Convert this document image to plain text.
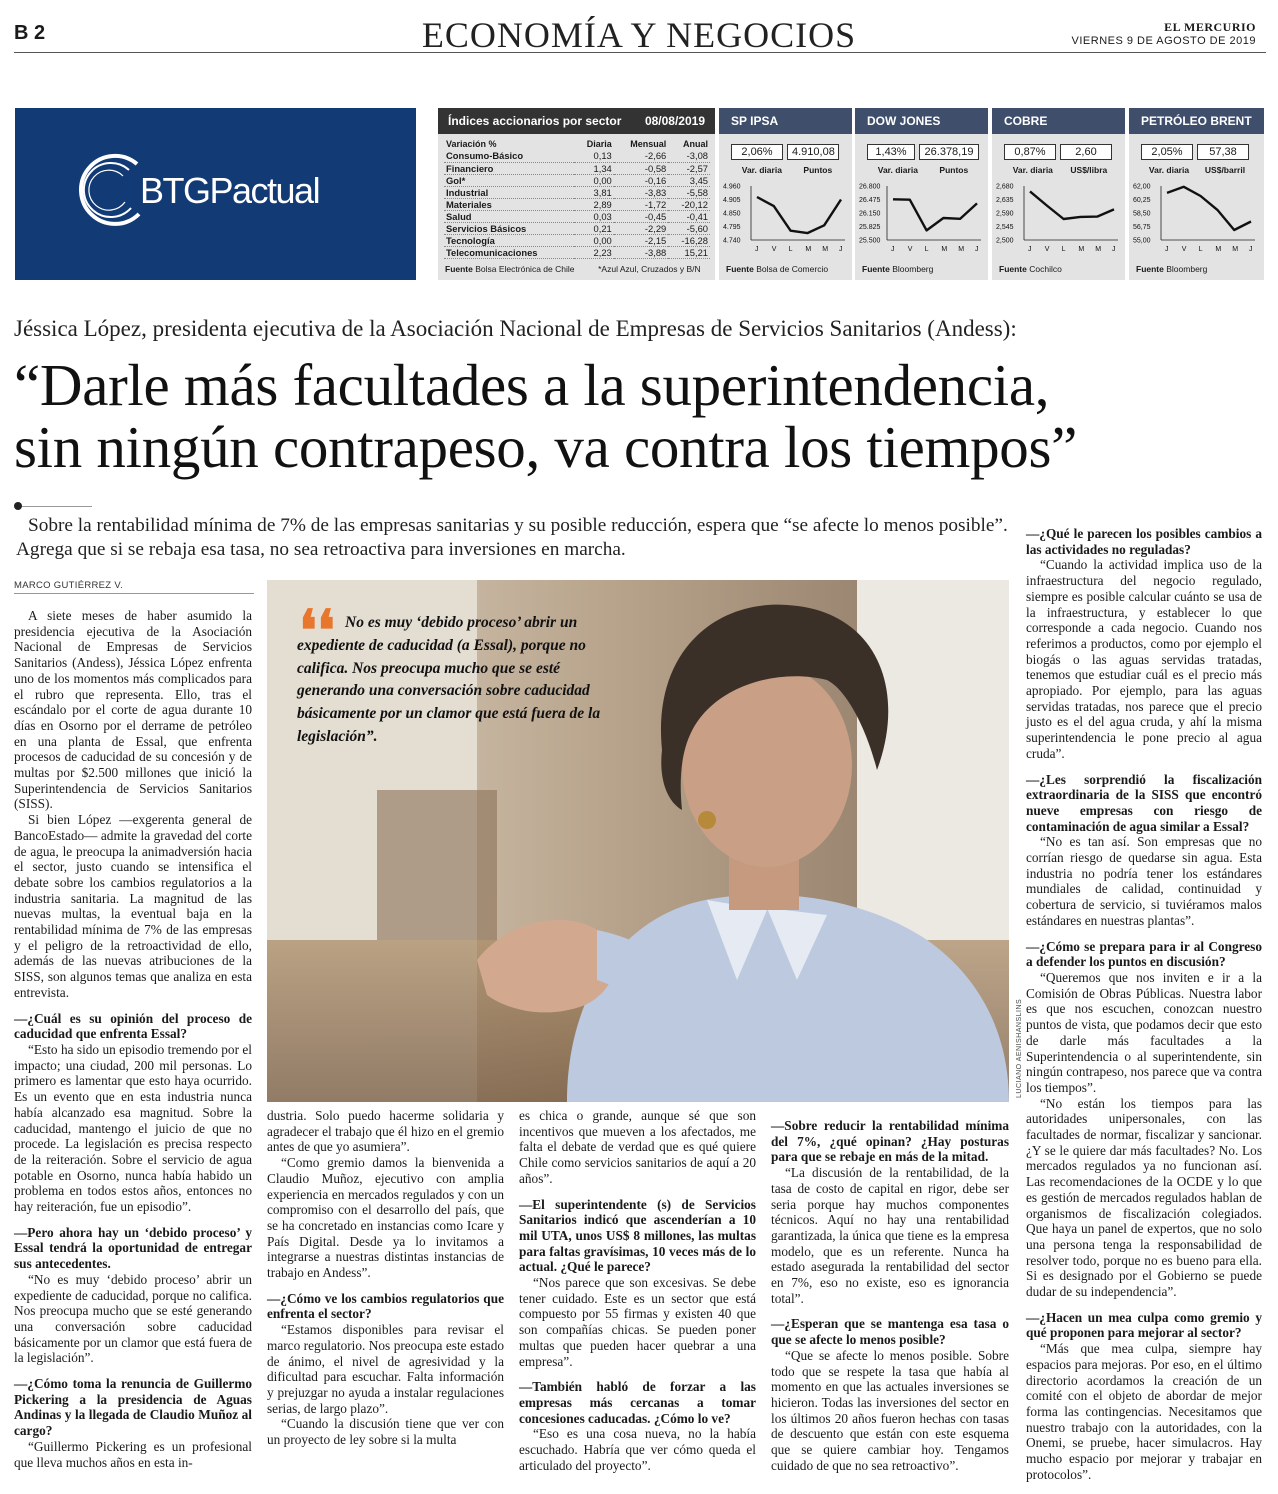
B 2	ECONOMÍA Y NEGOCIOS	EL MERCURIO
VIERNES 9 DE AGOSTO DE 2019
BTGPactual
Índices accionarios por sector 08/08/2019
Variación %	Diaria	Mensual	Anual
Consumo-Básico	0,13	-2,66	-3,08
Financiero	1,34	-0,58	-2,57
Gol*	0,00	-0,16	3,45
Industrial	3,81	-3,83	-5,58
Materiales	2,89	-1,72	-20,12
Salud	0,03	-0,45	-0,41
Servicios Básicos	0,21	-2,29	-5,60
Tecnología	0,00	-2,15	-16,28
Telecomunicaciones	2,23	-3,88	15,21
Fuente Bolsa Electrónica de Chile	*Azul Azul, Cruzados y B/N
SP IPSA
2,06%	4.910,08
Var. diaria	Puntos
4.960
4.905
4.850
4.795
4.740
J V L M M J
Fuente Bolsa de Comercio
DOW JONES
1,43%	26.378,19
Var. diaria	Puntos
26.800
26.475
26.150
25.825
25.500
J V L M M J
Fuente Bloomberg
COBRE
0,87%	2,60
Var. diaria US$/libra
2,680
2,635
2,590
2,545
2,500
J V L M M J
Fuente Cochilco
PETRÓLEO BRENT
2,05%	57,38
Var. diaria US$/barril
62,00
60,25
58,50
56,75
55,00
J V L M M J
Fuente Bloomberg
Jéssica López, presidenta ejecutiva de la Asociación Nacional de Empresas de Servicios Sanitarios (Andess):
“Darle más facultades a la superintendencia,
sin ningún contrapeso, va contra los tiempos”
Sobre la rentabilidad mínima de 7% de las empresas sanitarias y su posible reducción, espera que “se afecte lo menos posible”. Agrega que si se rebaja esa tasa, no sea retroactiva para inversiones en marcha.
MARCO GUTIÉRREZ V.
LUCIANO AENISHANSLINS
❛❛ No es muy ‘debido proceso’ abrir un expediente de caducidad (a Essal), porque no califica. Nos preocupa mucho que se esté generando una conversación sobre caducidad básicamente por un clamor que está fuera de la legislación”.

A siete meses de haber asumido la presidencia ejecutiva de la Asociación Nacional de Empresas de Servicios Sanitarios (Andess), Jéssica López enfrenta uno de los momentos más complicados para el rubro que representa. Ello, tras el escándalo por el corte de agua durante 10 días en Osorno por el derrame de petróleo en una planta de Essal, que enfrenta procesos de caducidad de su concesión y de multas por $2.500 millones que inició la Superintendencia de Servicios Sanitarios (SISS).

Si bien López —exgerenta general de BancoEstado— admite la gravedad del corte de agua, le preocupa la animadversión hacia el sector, justo cuando se intensifica el debate sobre los cambios regulatorios a la industria sanitaria. La magnitud de las nuevas multas, la eventual baja en la rentabilidad mínima de 7% de las empresas y el peligro de la retroactividad de ello, además de las nuevas atribuciones de la SISS, son algunos temas que analiza en esta entrevista.

—¿Cuál es su opinión del proceso de caducidad que enfrenta Essal?

“Esto ha sido un episodio tremendo por el impacto; una ciudad, 200 mil personas. Lo primero es lamentar que esto haya ocurrido. Es un evento que en esta industria nunca había alcanzado esa magnitud. Sobre la caducidad, mantengo el juicio de que no procede. La legislación es precisa respecto de la reiteración. Sobre el servicio de agua potable en Osorno, nunca había habido un problema en todos estos años, entonces no hay reiteración, fue un episodio”.

—Pero ahora hay un ‘debido proceso’ y Essal tendrá la oportunidad de entregar sus antecedentes.

“No es muy ‘debido proceso’ abrir un expediente de caducidad, porque no califica. Nos preocupa mucho que se esté generando una conversación sobre caducidad básicamente por un clamor que está fuera de la legislación”.

—¿Cómo toma la renuncia de Guillermo Pickering a la presidencia de Aguas Andinas y la llegada de Claudio Muñoz al cargo?

“Guillermo Pickering es un profesional que lleva muchos años en esta in-

dustria. Solo puedo hacerme solidaria y agradecer el trabajo que él hizo en el gremio antes de que yo asumiera”.

“Como gremio damos la bienvenida a Claudio Muñoz, ejecutivo con amplia experiencia en mercados regulados y con un compromiso con el desarrollo del país, que se ha concretado en instancias como Icare y País Digital. Desde ya lo invitamos a integrarse a nuestras distintas instancias de trabajo en Andess”.

—¿Cómo ve los cambios regulatorios que enfrenta el sector?

“Estamos disponibles para revisar el marco regulatorio. Nos preocupa este estado de ánimo, el nivel de agresividad y la dificultad para escuchar. Falta información y prejuzgar no ayuda a instalar regulaciones serias, de largo plazo”.

“Cuando la discusión tiene que ver con un proyecto de ley sobre si la multa

es chica o grande, aunque sé que son incentivos que mueven a los afectados, me falta el debate de verdad que es qué quiere Chile como servicios sanitarios de aquí a 20 años”.

—El superintendente (s) de Servicios Sanitarios indicó que ascenderían a 10 mil UTA, unos US$ 8 millones, las multas para faltas gravísimas, 10 veces más de lo actual. ¿Qué le parece?

“Nos parece que son excesivas. Se debe tener cuidado. Este es un sector que está compuesto por 55 firmas y existen 40 que son compañías chicas. Se pueden poner multas que pueden hacer quebrar a una empresa”.

—También habló de forzar a las empresas más cercanas a tomar concesiones caducadas. ¿Cómo lo ve?

“Eso es una cosa nueva, no la había escuchado. Habría que ver cómo queda el articulado del proyecto”.

—Sobre reducir la rentabilidad mínima del 7%, ¿qué opinan? ¿Hay posturas para que se rebaje en más de la mitad.

“La discusión de la rentabilidad, de la tasa de costo de capital en rigor, debe ser seria porque hay muchos componentes técnicos. Aquí no hay una rentabilidad garantizada, la única que tiene es la empresa modelo, que es un referente. Nunca ha estado asegurada la rentabilidad del sector en 7%, eso no existe, eso es ignorancia total”.

—¿Esperan que se mantenga esa tasa o que se afecte lo menos posible?

“Que se afecte lo menos posible. Sobre todo que se respete la tasa que había al momento en que las actuales inversiones se hicieron. Todas las inversiones del sector en los últimos 20 años fueron hechas con tasas de descuento que están con este esquema que se quiere cambiar hoy. Tengamos cuidado de que no sea retroactivo”.

—¿Qué le parecen los posibles cambios a las actividades no reguladas?

“Cuando la actividad implica uso de la infraestructura del negocio regulado, siempre es posible calcular cuánto se usa de la infraestructura, y establecer lo que corresponde a cada negocio. Cuando nos referimos a productos, como por ejemplo el biogás o las aguas servidas tratadas, tenemos que estudiar cuál es el precio más apropiado. Por ejemplo, para las aguas servidas tratadas, nos parece que el precio justo es el del agua cruda, y ahí la misma superintendencia le pone precio al agua cruda”.

—¿Les sorprendió la fiscalización extraordinaria de la SISS que encontró nueve empresas con riesgo de contaminación de agua similar a Essal?

“No es tan así. Son empresas que no corrían riesgo de quedarse sin agua. Esta industria no podría tener los estándares mundiales de calidad, continuidad y cobertura de servicio, si tuviéramos malos estándares en nuestras plantas”.

—¿Cómo se prepara para ir al Congreso a defender los puntos en discusión?

“Queremos que nos inviten e ir a la Comisión de Obras Públicas. Nuestra labor es que nos escuchen, conozcan nuestro puntos de vista, que podamos decir que esto de darle más facultades a la Superintendencia o al superintendente, sin ningún contrapeso, nos parece que va contra los tiempos”.

“No están los tiempos para las autoridades unipersonales, con las facultades de normar, fiscalizar y sancionar. ¿Y se le quiere dar más facultades? No. Los mercados regulados ya no funcionan así. Las recomendaciones de la OCDE y lo que es gestión de mercados regulados hablan de organismos de fiscalización colegiados. Que haya un panel de expertos, que no solo una persona tenga la responsabilidad de resolver todo, porque no es bueno para ella. Si es designado por el Gobierno se puede dudar de su independencia”.

—¿Hacen un mea culpa como gremio y qué proponen para mejorar al sector?

“Más que mea culpa, siempre hay espacios para mejoras. Por eso, en el último directorio acordamos la creación de un comité con el objeto de abordar de mejor forma las contingencias. Necesitamos que nuestro trabajo con la autoridades, con la Onemi, se pruebe, hacer simulacros. Hay mucho espacio por mejorar y trabajar en protocolos”.
